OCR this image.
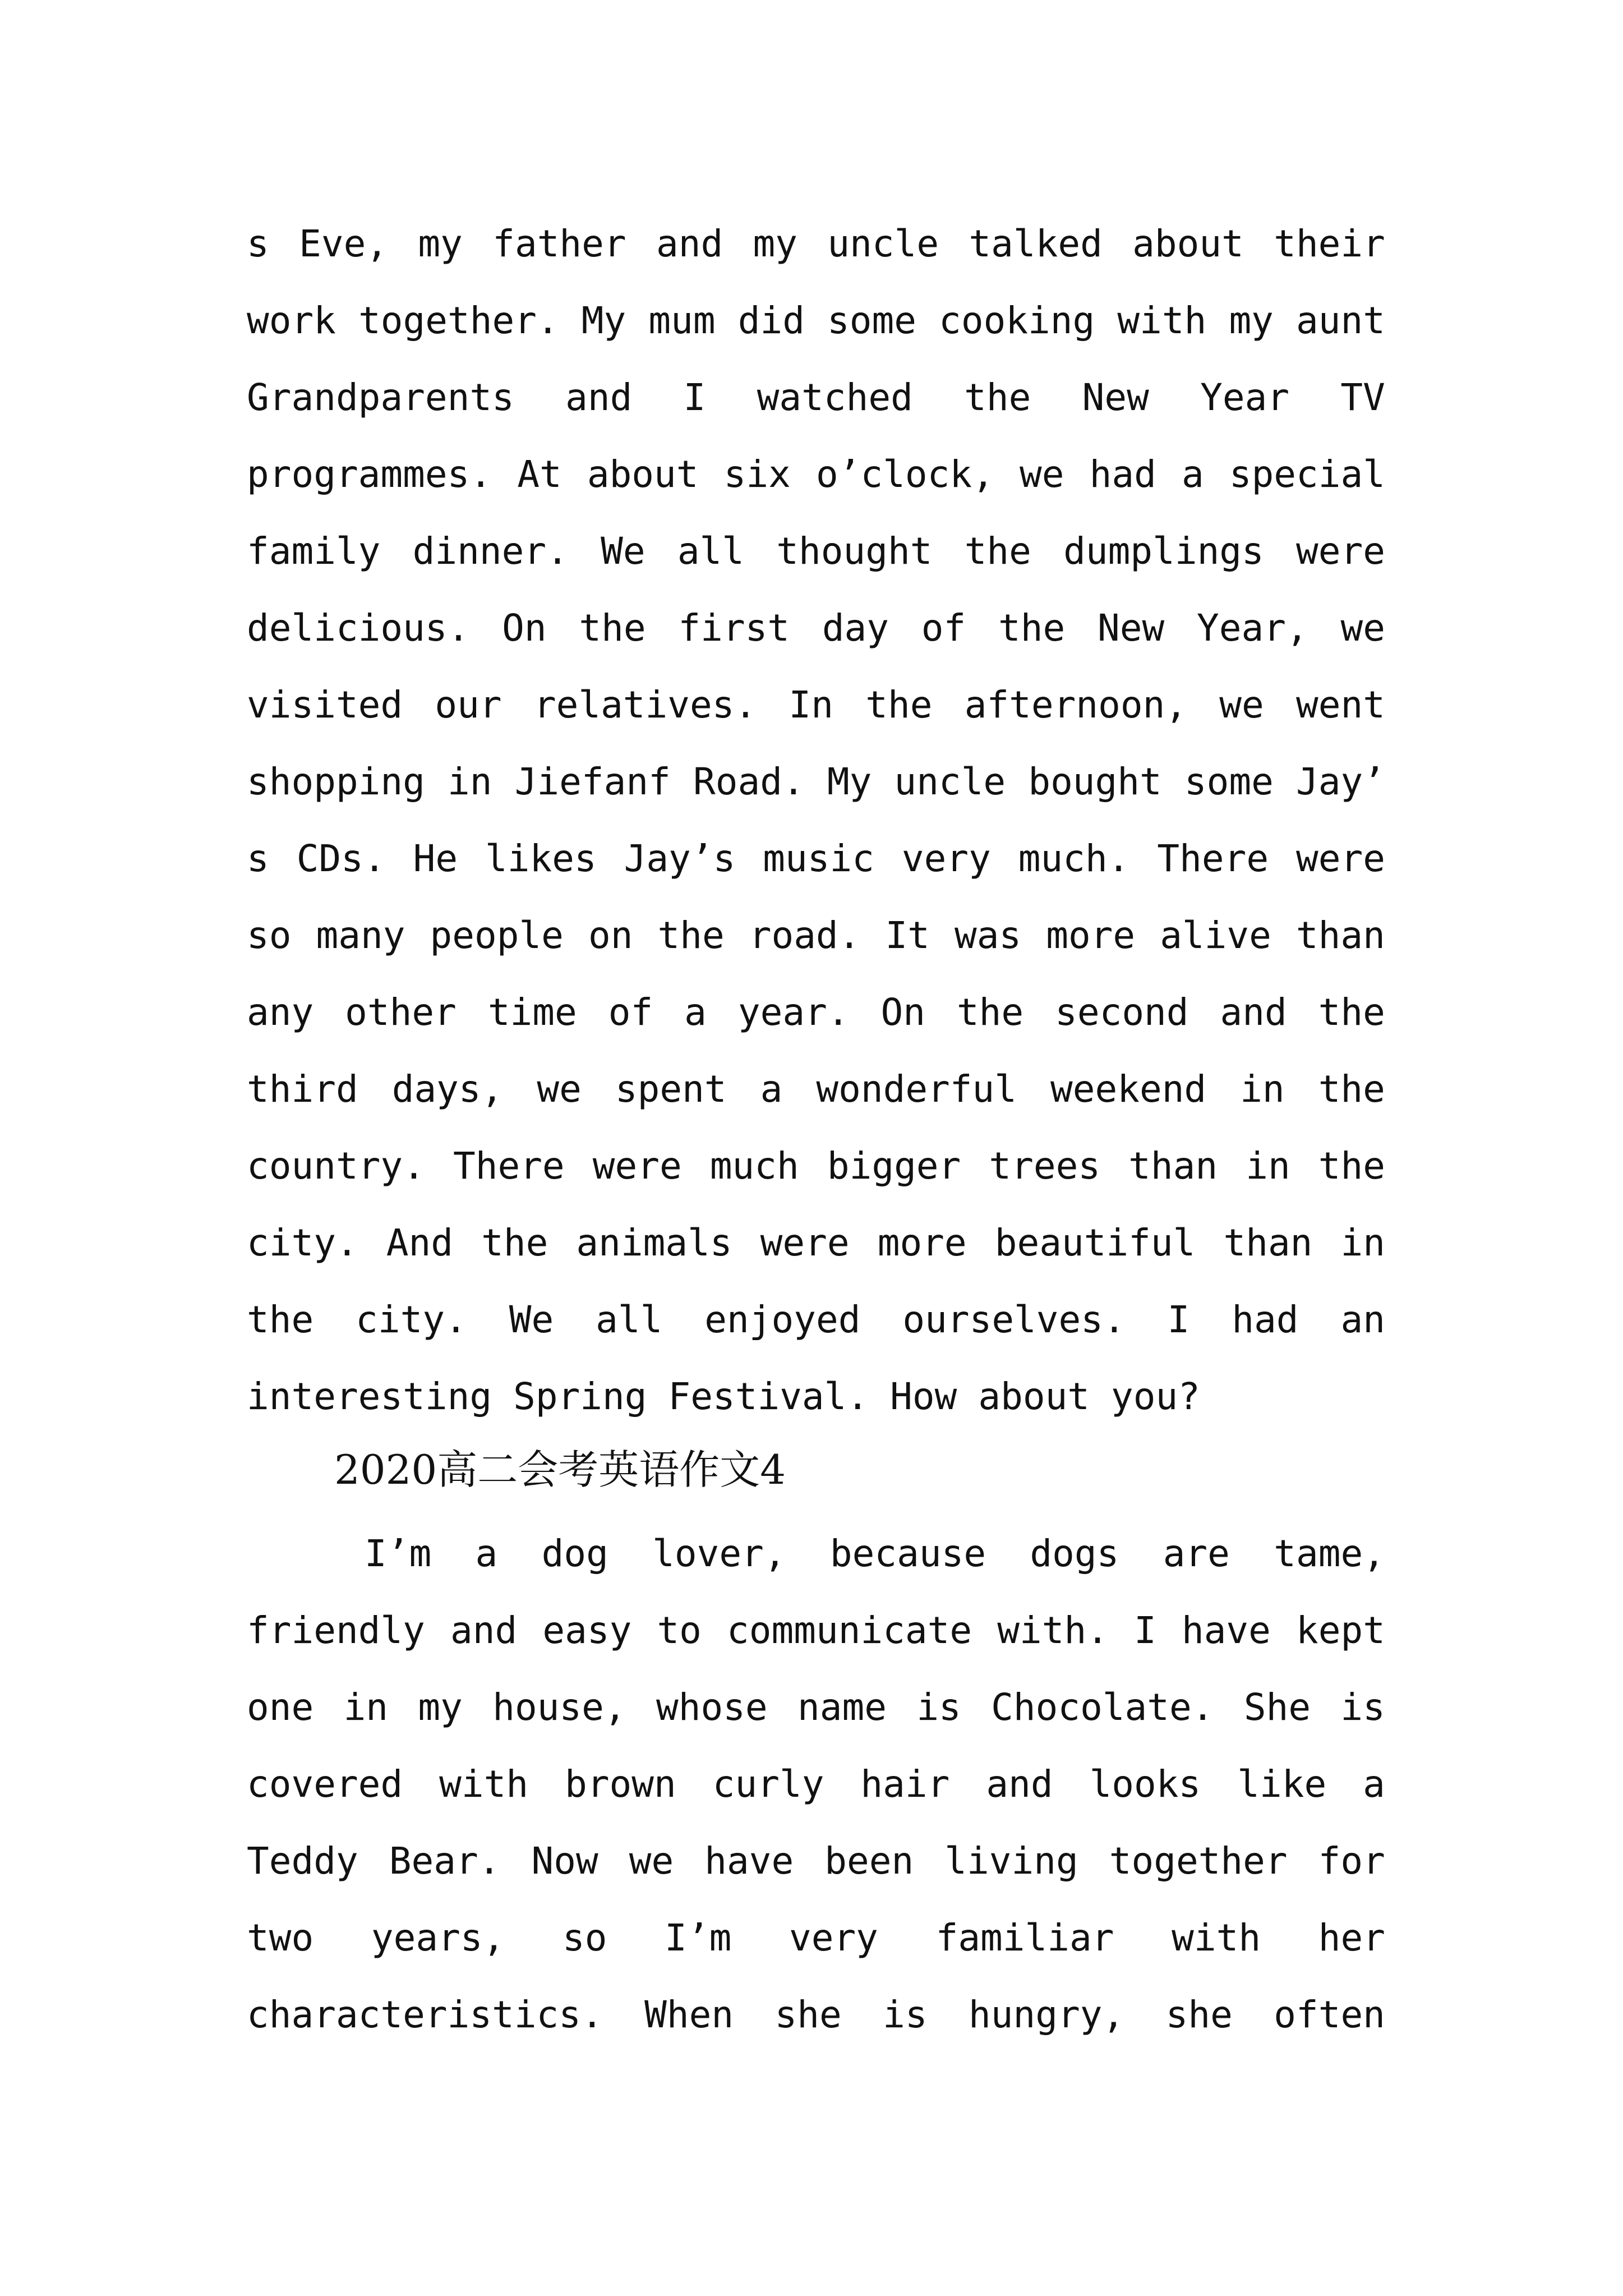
s Eve, my father and my uncle talked about their
work together. My mum did some cooking with my aunt
Grandparents and I watched the New Year TV
programmes. At about six o’clock, we had a special
family dinner. We all thought the dumplings were
delicious. On the first day of the New Year, we
visited our relatives. In the afternoon, we went
shopping in Jiefanf Road. My uncle bought some Jay’
s CDs. He likes Jay’s music very much. There were
so many people on the road. It was more alive than
any other time of a year. On the second and the
third days, we spent a wonderful weekend in the
country. There were much bigger trees than in the
city. And the animals were more beautiful than in
the city. We all enjoyed ourselves. I had an
interesting Spring Festival. How about you?
2020高二会考英语作文4
I’m a dog lover, because dogs are tame,
friendly and easy to communicate with. I have kept
one in my house, whose name is Chocolate. She is
covered with brown curly hair and looks like a
Teddy Bear. Now we have been living together for
two years, so I’m very familiar with her
characteristics. When she is hungry, she often
